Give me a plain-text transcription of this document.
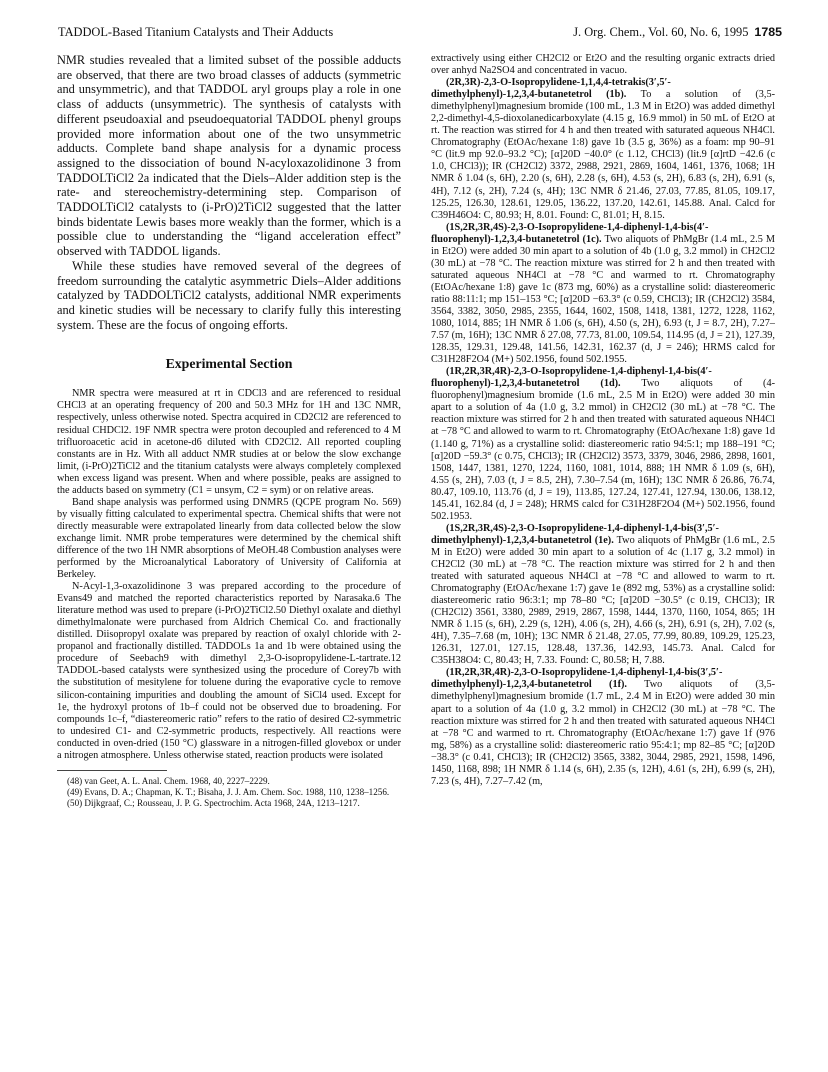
TADDOL-Based Titanium Catalysts and Their Adducts	J. Org. Chem., Vol. 60, No. 6, 1995 1785

NMR studies revealed that a limited subset of the possible adducts are observed, that there are two broad classes of adducts (symmetric and unsymmetric), and that TADDOL aryl groups play a role in one class of adducts (unsymmetric). The synthesis of catalysts with different pseudoaxial and pseudoequatorial TADDOL phenyl groups provided more information about one of the two unsymmetric adducts. Complete band shape analysis for a dynamic process assigned to the dissociation of bound N-acyloxazolidinone 3 from TADDOLTiCl2 2a indicated that the Diels–Alder addition step is the rate- and stereochemistry-determining step. Comparison of TADDOLTiCl2 catalysts to (i-PrO)2TiCl2 suggested that the latter binds bidentate Lewis bases more weakly than the former, which is a possible clue to understanding the “ligand acceleration effect” observed with TADDOL ligands.

While these studies have removed several of the degrees of freedom surrounding the catalytic asymmetric Diels–Alder additions catalyzed by TADDOLTiCl2 catalysts, additional NMR experiments and kinetic studies will be necessary to clarify fully this interesting system. These are the focus of ongoing efforts.

Experimental Section

NMR spectra were measured at rt in CDCl3 and are referenced to residual CHCl3 at an operating frequency of 200 and 50.3 MHz for 1H and 13C NMR, respectively, unless otherwise noted. Spectra acquired in CD2Cl2 are referenced to residual CHDCl2. 19F NMR spectra were proton decoupled and referenced to 4 M trifluoroacetic acid in acetone-d6 diluted with CD2Cl2. All reported coupling constants are in Hz. With all adduct NMR studies at or below the slow exchange limit, (i-PrO)2TiCl2 and the titanium catalysts were always completely complexed when excess ligand was present. When and where possible, peaks are assigned to the adducts based on symmetry (C1 = unsym, C2 = sym) or on relative areas.

Band shape analysis was performed using DNMR5 (QCPE program No. 569) by visually fitting calculated to experimental spectra. Chemical shifts that were not directly measurable were extrapolated linearly from data collected below the slow exchange limit. NMR probe temperatures were determined by the chemical shift difference of the two 1H NMR absorptions of MeOH.48 Combustion analyses were performed by the Microanalytical Laboratory of University of California at Berkeley.

N-Acyl-1,3-oxazolidinone 3 was prepared according to the procedure of Evans49 and matched the reported characteristics reported by Narasaka.6 The literature method was used to prepare (i-PrO)2TiCl2.50 Diethyl oxalate and diethyl dimethylmalonate were purchased from Aldrich Chemical Co. and fractionally distilled. Diisopropyl oxalate was prepared by reaction of oxalyl chloride with 2-propanol and fractionally distilled. TADDOLs 1a and 1b were obtained using the procedure of Seebach9 with dimethyl 2,3-O-isopropylidene-L-tartrate.12 TADDOL-based catalysts were synthesized using the procedure of Corey7b with the substitution of mesitylene for toluene during the evaporative cycle to remove silicon-containing impurities and doubling the amount of SiCl4 used. Except for 1e, the hydroxyl protons of 1b–f could not be observed due to broadening. For compounds 1c–f, “diastereomeric ratio” refers to the ratio of desired C2-symmetric to undesired C1- and C2-symmetric products, respectively. All reactions were conducted in oven-dried (150 °C) glassware in a nitrogen-filled glovebox or under a nitrogen atmosphere. Unless otherwise stated, reaction products were isolated

(48) van Geet, A. L. Anal. Chem. 1968, 40, 2227–2229.

(49) Evans, D. A.; Chapman, K. T.; Bisaha, J. J. Am. Chem. Soc. 1988, 110, 1238–1256.

(50) Dijkgraaf, C.; Rousseau, J. P. G. Spectrochim. Acta 1968, 24A, 1213–1217.

extractively using either CH2Cl2 or Et2O and the resulting organic extracts dried over anhyd Na2SO4 and concentrated in vacuo.

(2R,3R)-2,3-O-Isopropylidene-1,1,4,4-tetrakis(3′,5′-dimethylphenyl)-1,2,3,4-butanetetrol (1b). To a solution of (3,5-dimethylphenyl)magnesium bromide (100 mL, 1.3 M in Et2O) was added dimethyl 2,2-dimethyl-4,5-dioxolanedicarboxylate (4.15 g, 16.9 mmol) in 50 mL of Et2O at rt. The reaction was stirred for 4 h and then treated with saturated aqueous NH4Cl. Chromatography (EtOAc/hexane 1:8) gave 1b (3.5 g, 36%) as a foam: mp 90–91 °C (lit.9 mp 92.0–93.2 °C); [α]20D −40.0° (c 1.12, CHCl3) (lit.9 [α]rtD −42.6 (c 1.0, CHCl3)); IR (CH2Cl2) 3372, 2988, 2921, 2869, 1604, 1461, 1376, 1068; 1H NMR δ 1.04 (s, 6H), 2.20 (s, 6H), 2.28 (s, 6H), 4.53 (s, 2H), 6.83 (s, 2H), 6.91 (s, 4H), 7.12 (s, 2H), 7.24 (s, 4H); 13C NMR δ 21.46, 27.03, 77.85, 81.05, 109.17, 125.25, 126.30, 128.61, 129.05, 136.22, 137.20, 142.61, 145.88. Anal. Calcd for C39H46O4: C, 80.93; H, 8.01. Found: C, 81.01; H, 8.15.

(1S,2R,3R,4S)-2,3-O-Isopropylidene-1,4-diphenyl-1,4-bis(4′-fluorophenyl)-1,2,3,4-butanetetrol (1c). Two aliquots of PhMgBr (1.4 mL, 2.5 M in Et2O) were added 30 min apart to a solution of 4b (1.0 g, 3.2 mmol) in CH2Cl2 (30 mL) at −78 °C. The reaction mixture was stirred for 2 h and then treated with saturated aqueous NH4Cl at −78 °C and warmed to rt. Chromatography (EtOAc/hexane 1:8) gave 1c (873 mg, 60%) as a crystalline solid: diastereomeric ratio 88:11:1; mp 151–153 °C; [α]20D −63.3° (c 0.59, CHCl3); IR (CH2Cl2) 3584, 3564, 3382, 3050, 2985, 2355, 1644, 1602, 1508, 1418, 1381, 1272, 1228, 1162, 1080, 1014, 885; 1H NMR δ 1.06 (s, 6H), 4.50 (s, 2H), 6.93 (t, J = 8.7, 2H), 7.27–7.57 (m, 16H); 13C NMR δ 27.08, 77.73, 81.00, 109.54, 114.95 (d, J = 21), 127.39, 128.35, 129.31, 129.48, 141.56, 142.31, 162.37 (d, J = 246); HRMS calcd for C31H28F2O4 (M+) 502.1956, found 502.1955.

(1R,2R,3R,4R)-2,3-O-Isopropylidene-1,4-diphenyl-1,4-bis(4′-fluorophenyl)-1,2,3,4-butanetetrol (1d). Two aliquots of (4-fluorophenyl)magnesium bromide (1.6 mL, 2.5 M in Et2O) were added 30 min apart to a solution of 4a (1.0 g, 3.2 mmol) in CH2Cl2 (30 mL) at −78 °C. The reaction mixture was stirred for 2 h and then treated with saturated aqueous NH4Cl at −78 °C and allowed to warm to rt. Chromatography (EtOAc/hexane 1:8) gave 1d (1.140 g, 71%) as a crystalline solid: diastereomeric ratio 94:5:1; mp 188–191 °C; [α]20D −59.3° (c 0.75, CHCl3); IR (CH2Cl2) 3573, 3379, 3046, 2986, 2898, 1601, 1508, 1447, 1381, 1270, 1224, 1160, 1081, 1014, 888; 1H NMR δ 1.09 (s, 6H), 4.55 (s, 2H), 7.03 (t, J = 8.5, 2H), 7.30–7.54 (m, 16H); 13C NMR δ 26.86, 76.74, 80.47, 109.10, 113.76 (d, J = 19), 113.85, 127.24, 127.41, 127.94, 130.06, 138.12, 145.41, 162.84 (d, J = 248); HRMS calcd for C31H28F2O4 (M+) 502.1956, found 502.1953.

(1S,2R,3R,4S)-2,3-O-Isopropylidene-1,4-diphenyl-1,4-bis(3′,5′-dimethylphenyl)-1,2,3,4-butanetetrol (1e). Two aliquots of PhMgBr (1.6 mL, 2.5 M in Et2O) were added 30 min apart to a solution of 4c (1.17 g, 3.2 mmol) in CH2Cl2 (30 mL) at −78 °C. The reaction mixture was stirred for 2 h and then treated with saturated aqueous NH4Cl at −78 °C and allowed to warm to rt. Chromatography (EtOAc/hexane 1:7) gave 1e (892 mg, 53%) as a crystalline solid: diastereomeric ratio 96:3:1; mp 78–80 °C; [α]20D −30.5° (c 0.19, CHCl3); IR (CH2Cl2) 3561, 3380, 2989, 2919, 2867, 1598, 1444, 1370, 1160, 1054, 865; 1H NMR δ 1.15 (s, 6H), 2.29 (s, 12H), 4.06 (s, 2H), 4.66 (s, 2H), 6.91 (s, 2H), 7.02 (s, 4H), 7.35–7.68 (m, 10H); 13C NMR δ 21.48, 27.05, 77.99, 80.89, 109.29, 125.23, 126.31, 127.01, 127.15, 128.48, 137.36, 142.93, 145.73. Anal. Calcd for C35H38O4: C, 80.43; H, 7.33. Found: C, 80.58; H, 7.88.

(1R,2R,3R,4R)-2,3-O-Isopropylidene-1,4-diphenyl-1,4-bis(3′,5′-dimethylphenyl)-1,2,3,4-butanetetrol (1f). Two aliquots of (3,5-dimethylphenyl)magnesium bromide (1.7 mL, 2.4 M in Et2O) were added 30 min apart to a solution of 4a (1.0 g, 3.2 mmol) in CH2Cl2 (30 mL) at −78 °C. The reaction mixture was stirred for 2 h and then treated with saturated aqueous NH4Cl at −78 °C and warmed to rt. Chromatography (EtOAc/hexane 1:7) gave 1f (976 mg, 58%) as a crystalline solid: diastereomeric ratio 95:4:1; mp 82–85 °C; [α]20D −38.3° (c 0.41, CHCl3); IR (CH2Cl2) 3565, 3382, 3044, 2985, 2921, 1598, 1496, 1450, 1168, 898; 1H NMR δ 1.14 (s, 6H), 2.35 (s, 12H), 4.61 (s, 2H), 6.99 (s, 2H), 7.23 (s, 4H), 7.27–7.42 (m,
